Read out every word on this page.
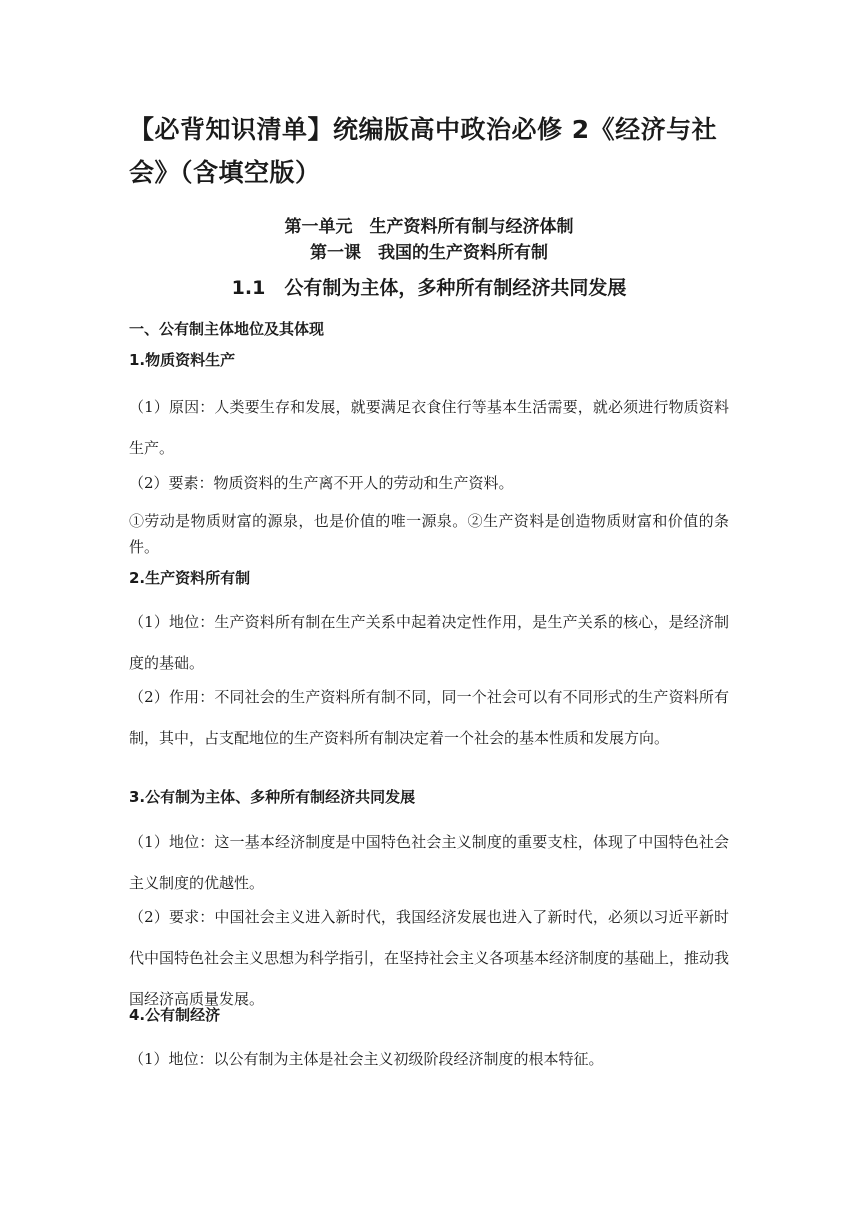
【必背知识清单】统编版高中政治必修 2《经济与社会》（含填空版）
第一单元　生产资料所有制与经济体制
第一课　我国的生产资料所有制
1.1　公有制为主体，多种所有制经济共同发展
一、公有制主体地位及其体现
1.物质资料生产

（1）原因：人类要生存和发展，就要满足衣食住行等基本生活需要，就必须进行物质资料生产。

（2）要素：物质资料的生产离不开人的劳动和生产资料。

①劳动是物质财富的源泉，也是价值的唯一源泉。②生产资料是创造物质财富和价值的条件。

2.生产资料所有制

（1）地位：生产资料所有制在生产关系中起着决定性作用，是生产关系的核心，是经济制度的基础。

（2）作用：不同社会的生产资料所有制不同，同一个社会可以有不同形式的生产资料所有制，其中，占支配地位的生产资料所有制决定着一个社会的基本性质和发展方向。

3.公有制为主体、多种所有制经济共同发展

（1）地位：这一基本经济制度是中国特色社会主义制度的重要支柱，体现了中国特色社会主义制度的优越性。

（2）要求：中国社会主义进入新时代，我国经济发展也进入了新时代，必须以习近平新时代中国特色社会主义思想为科学指引，在坚持社会主义各项基本经济制度的基础上，推动我国经济高质量发展。

4.公有制经济

（1）地位：以公有制为主体是社会主义初级阶段经济制度的根本特征。
